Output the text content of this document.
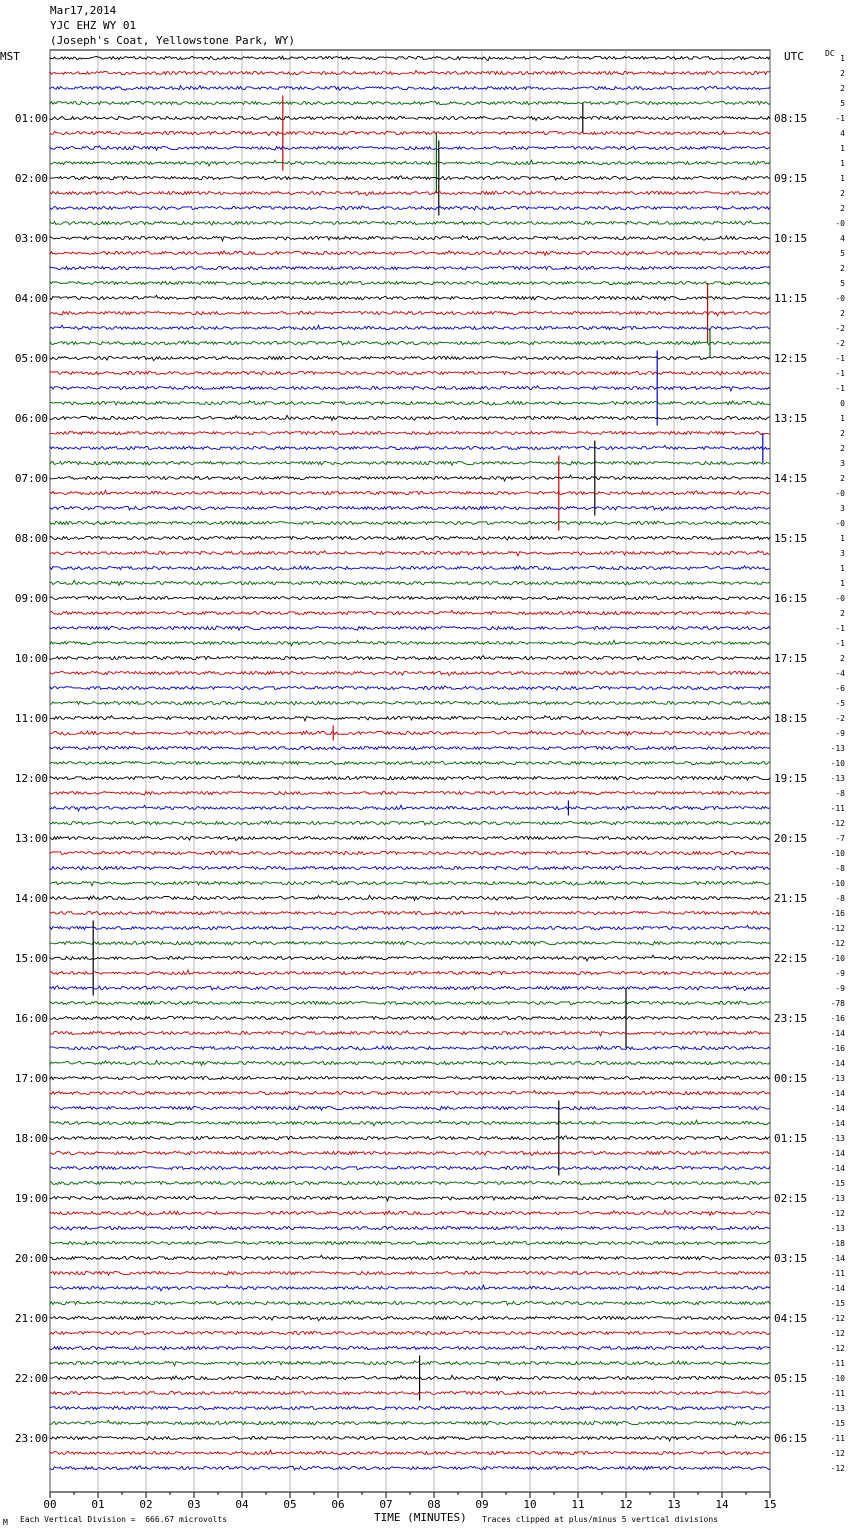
Mar17,2014
YJC EHZ WY 01
(Joseph's Coat, Yellowstone Park, WY)
MST	UTC	DC
00	01	02	03	04	05	06	07	08	09	10	11	12	13	14	15
1
2
2
5
-1
4
1
1
1
2
2
-0
4
5
2
5
-0
2
-2
-2
-1
-1
-1
0
1
2
2
3
2
-0
3
-0
1
3
1
1
-0
2
-1
-1
2
-4
-6
-5
-2
-9
-13
-10
-13
-8
-11
-12
-7
-10
-8
-10
-8
-16
-12
-12
-10
-9
-9
-78
-16
-14
-16
-14
-13
-14
-14
-14
-13
-14
-14
-15
-13
-12
-13
-18
-14
-11
-14
-15
-12
-12
-12
-11
-10
-11
-13
-15
-11
-12
-12
01:00
02:00
03:00
04:00
05:00
06:00
07:00
08:00
09:00
10:00
11:00
12:00
13:00
14:00
15:00
16:00
17:00
18:00
19:00
20:00
21:00
22:00
23:00
08:15
09:15
10:15
11:15
12:15
13:15
14:15
15:15
16:15
17:15
18:15
19:15
20:15
21:15
22:15
23:15
00:15
01:15
02:15
03:15
04:15
05:15
06:15
M Each Vertical Division =  666.67 microvolts	TIME (MINUTES) Traces clipped at plus/minus 5 vertical divisions
